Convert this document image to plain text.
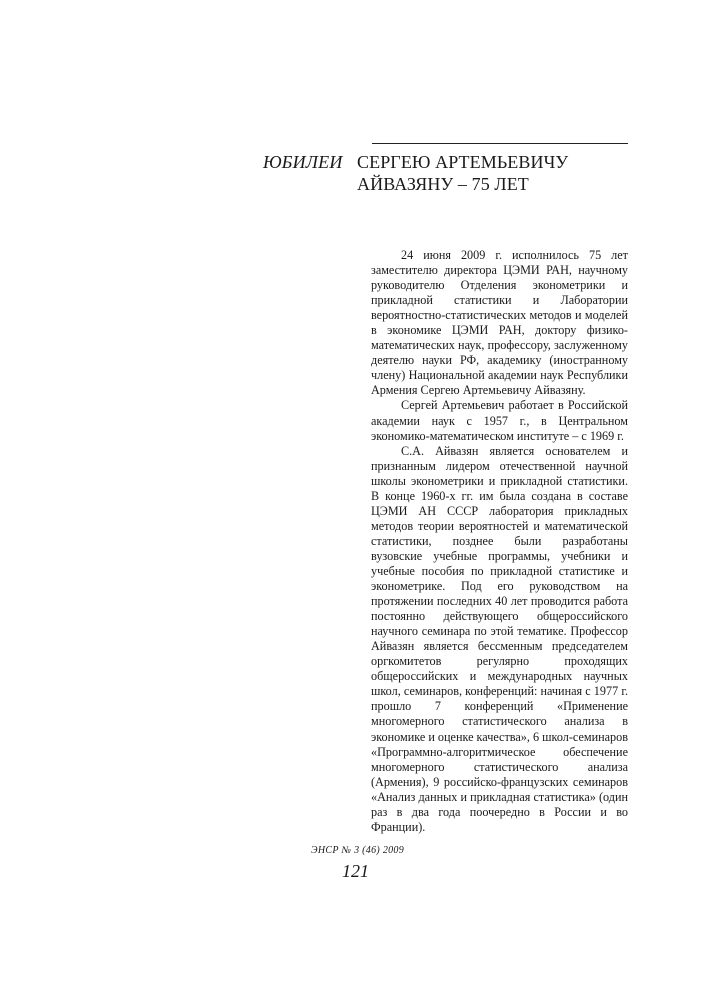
ЮБИЛЕИ СЕРГЕЮ АРТЕМЬЕВИЧУ
АЙВАЗЯНУ – 75 ЛЕТ

24 июня 2009 г. исполнилось 75 лет заместителю директора ЦЭМИ РАН, научному руководителю Отделения эконометрики и прикладной статистики и Лаборатории вероятностно-статистических методов и моделей в экономике ЦЭМИ РАН, доктору физико-математических наук, профессору, заслуженному деятелю науки РФ, академику (иностранному члену) Национальной академии наук Республики Армения Сергею Артемьевичу Айвазяну.

Сергей Артемьевич работает в Российской академии наук с 1957 г., в Центральном экономико-математическом институте – с 1969 г.

С.А. Айвазян является основателем и признанным лидером отечественной научной школы эконометрики и прикладной статистики. В конце 1960-х гг. им была создана в составе ЦЭМИ АН СССР лаборатория прикладных методов теории вероятностей и математической статистики, позднее были разработаны вузовские учебные программы, учебники и учебные пособия по прикладной статистике и эконометрике. Под его руководством на протяжении последних 40 лет проводится работа постоянно действующего общероссийского научного семинара по этой тематике. Профессор Айвазян является бессменным председателем оргкомитетов регулярно проходящих общероссийских и международных научных школ, семинаров, конференций: начиная с 1977 г. прошло 7 конференций «Применение многомерного статистического анализа в экономике и оценке качества», 6 школ-семинаров «Программно-алгоритмическое обеспечение многомерного статистического анализа (Армения), 9 российско-французских семинаров «Анализ данных и прикладная статистика» (один раз в два года поочередно в России и во Франции).

ЭНСР № 3 (46) 2009
121
